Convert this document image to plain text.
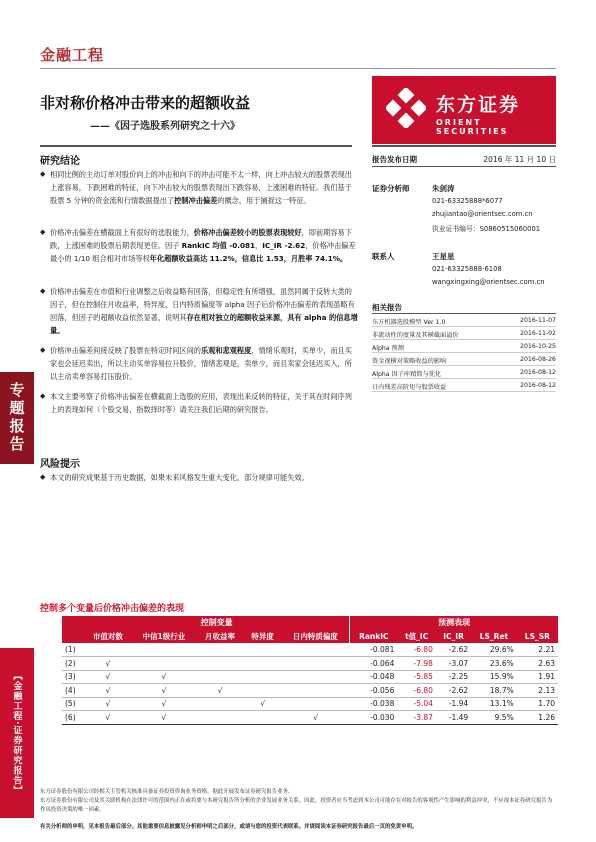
金融工程
非对称价格冲击带来的超额收益
——《因子选股系列研究之十六》
东方证券
ORIENT SECURITIES
研究结论
◆ 相同比例的主动订单对股价向上的冲击和向下的冲击可能不太一样，向上冲击较大的股票表现出上涨容易，下跌困难的特征，向下冲击较大的股票表现出下跌容易，上涨困难的特征。我们基于股票 5 分钟的资金流和行情数据提出了控制冲击偏差的概念，用于捕捉这一特征。
◆ 价格冲击偏差在横截面上有很好的选股能力，价格冲击偏差较小的股票表现较好，即前期容易下跌，上涨困难的股票后期表现更佳。因子 RankIC 均值 -0.081，IC_IR -2.62，价格冲击偏差最小的 1/10 组合相对市场等权年化超额收益高达 11.2%，信息比 1.53，月胜率 74.1%。
◆ 价格冲击偏差在市值和行业调整之后收益略有回落，但稳定性有所增强，虽然同属于反转大类的因子，但在控制住月收益率，特异度，日内特质偏度等 alpha 因子后价格冲击偏差的表现虽略有回落，但因子的超额收益依然显著，说明其存在相对独立的超额收益来源，具有 alpha 的信息增量。
◆ 价格冲击偏差间接反映了股票在特定时间区间的乐观和悲观程度，情绪乐观时，买单少，而且买家也会延迟卖出，所以主动买单容易拉升股价，情绪悲观是，卖单少，而且卖家会延迟买入，所以主动卖单容易打压股价。
◆ 本文主要考察了价格冲击偏差在横截面上选股的应用，表现出来反转的特征，关于其在时间序列上的表现如何（个股交易，指数择时等）请关注我们后期的研究报告。
风险提示
◆ 本文的研究成果基于历史数据，如果未来风格发生重大变化，部分规律可能失效。
专题报告
【金融工程·证券研究报告】
报告发布日期	2016 年 11 月 10 日
证券分析师	朱剑涛
021-63325888*6077
zhujiantao@orientsec.com.cn
执业证书编号：S0860515060001
联系人	王星星
021-63325888-6108
wangxingxing@orientsec.com.cn
相关报告
东方机器选股模型 Ver 1.0	2016-11-07
非流动性的度量及其横截面溢价	2016-11-02
Alpha 预测	2016-10-25
资金视横对策略收益的影响	2016-08-26
Alpha 因子库精简与优化	2016-08-12
日内残差高阶矩与股票收益	2016-08-12
控制多个变量后价格冲击偏差的表现
	控制变量					预测表现				
	市值对数	中信1级行业	月收益率	特异度	日内特质偏度	RankIC	t值_IC	IC_IR	LS_Ret	LS_SR
(1)						-0.081	-6.80	-2.62	29.6%	2.21
(2)	√					-0.064	-7.98	-3.07	23.6%	2.63
(3)	√	√				-0.048	-5.85	-2.25	15.9%	1.91
(4)	√	√	√			-0.056	-6.80	-2.62	18.7%	2.13
(5)	√	√		√		-0.038	-5.04	-1.94	13.1%	1.70
(6)	√	√			√	-0.030	-3.87	-1.49	9.5%	1.26
东方证券股份有限公司经相关主管机关核准具备证券投资咨询业务资格，据此开展发布证券研究报告业务。
东方证券股份有限公司及其关联机构在法律许可的范围内正在或将要与本研究报告所分析的企业发展业务关系。因此，投资者应当考虑到本公司可能存在对报告的客观性产生影响的利益冲突，不应视本证券研究报告为作出投资决策的唯一因素。
有关分析师的申明，见本报告最后部分。其他重要信息披露见分析师申明之后部分，或请与您的投资代表联系。并请阅读本证券研究报告最后一页的免责申明。
